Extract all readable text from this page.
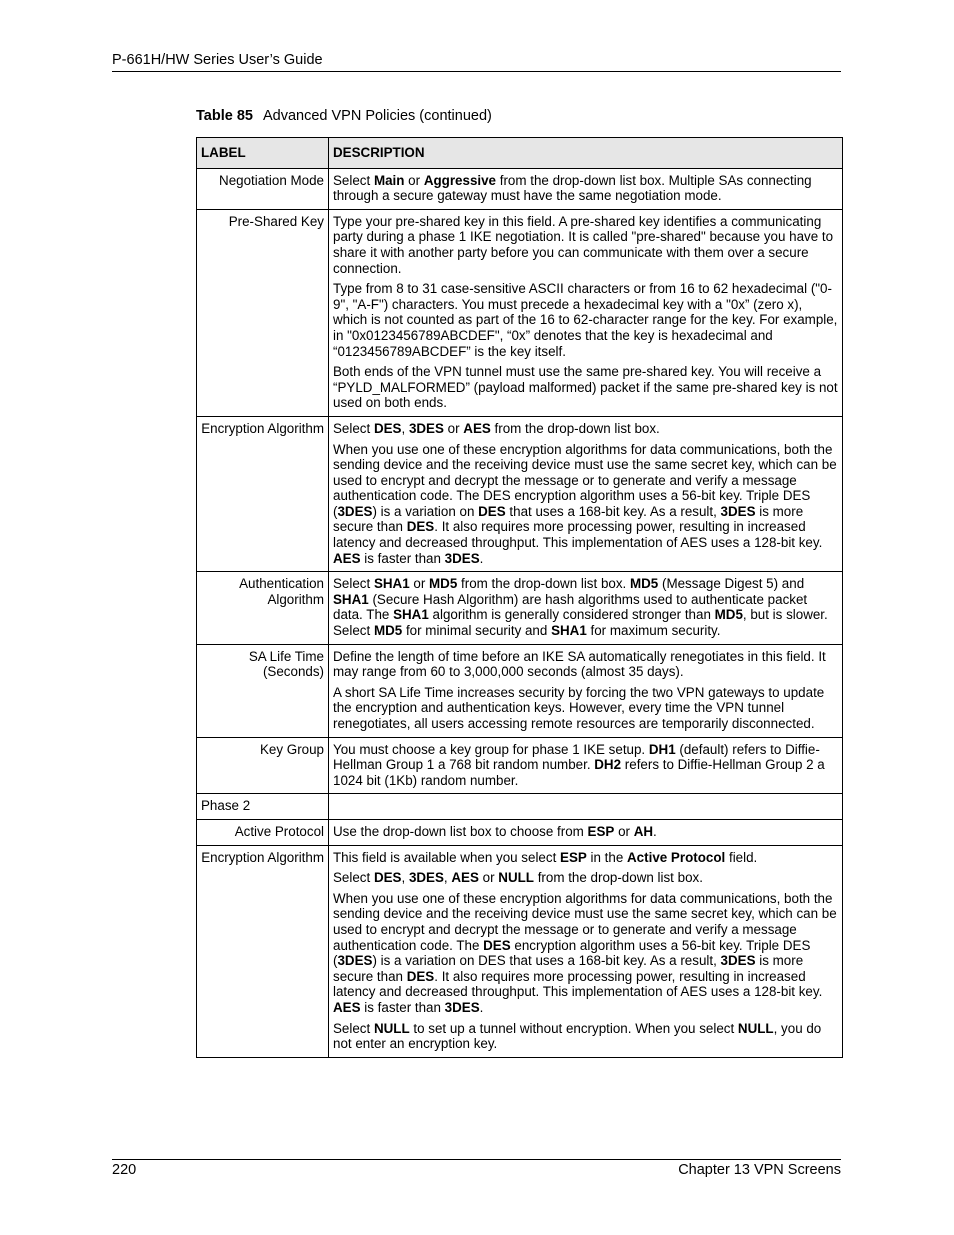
P-661H/HW Series User’s Guide
Table 85 Advanced VPN Policies (continued)
LABEL	DESCRIPTION
Negotiation Mode	Select Main or Aggressive from the drop-down list box. Multiple SAs connecting through a secure gateway must have the same negotiation mode.

Pre-Shared Key	Type your pre-shared key in this field. A pre-shared key identifies a communicating party during a phase 1 IKE negotiation. It is called "pre-shared" because you have to share it with another party before you can communicate with them over a secure connection.

Type from 8 to 31 case-sensitive ASCII characters or from 16 to 62 hexadecimal ("0-9", "A-F") characters. You must precede a hexadecimal key with a "0x” (zero x), which is not counted as part of the 16 to 62-character range for the key. For example, in "0x0123456789ABCDEF", “0x” denotes that the key is hexadecimal and “0123456789ABCDEF” is the key itself.

Both ends of the VPN tunnel must use the same pre-shared key. You will receive a “PYLD_MALFORMED” (payload malformed) packet if the same pre-shared key is not used on both ends.

Encryption Algorithm	Select DES, 3DES or AES from the drop-down list box.

When you use one of these encryption algorithms for data communications, both the sending device and the receiving device must use the same secret key, which can be used to encrypt and decrypt the message or to generate and verify a message authentication code. The DES encryption algorithm uses a 56-bit key. Triple DES (3DES) is a variation on DES that uses a 168-bit key. As a result, 3DES is more secure than DES. It also requires more processing power, resulting in increased latency and decreased throughput. This implementation of AES uses a 128-bit key. AES is faster than 3DES.

Authentication Algorithm	Select SHA1 or MD5 from the drop-down list box. MD5 (Message Digest 5) and SHA1 (Secure Hash Algorithm) are hash algorithms used to authenticate packet data. The SHA1 algorithm is generally considered stronger than MD5, but is slower. Select MD5 for minimal security and SHA1 for maximum security.

SA Life Time (Seconds)	Define the length of time before an IKE SA automatically renegotiates in this field. It may range from 60 to 3,000,000 seconds (almost 35 days).

A short SA Life Time increases security by forcing the two VPN gateways to update the encryption and authentication keys. However, every time the VPN tunnel renegotiates, all users accessing remote resources are temporarily disconnected.

Key Group	You must choose a key group for phase 1 IKE setup. DH1 (default) refers to Diffie-Hellman Group 1 a 768 bit random number. DH2 refers to Diffie-Hellman Group 2 a 1024 bit (1Kb) random number.

Phase 2	
Active Protocol	Use the drop-down list box to choose from ESP or AH.

Encryption Algorithm	This field is available when you select ESP in the Active Protocol field.

Select DES, 3DES, AES or NULL from the drop-down list box.

When you use one of these encryption algorithms for data communications, both the sending device and the receiving device must use the same secret key, which can be used to encrypt and decrypt the message or to generate and verify a message authentication code. The DES encryption algorithm uses a 56-bit key. Triple DES (3DES) is a variation on DES that uses a 168-bit key. As a result, 3DES is more secure than DES. It also requires more processing power, resulting in increased latency and decreased throughput. This implementation of AES uses a 128-bit key. AES is faster than 3DES.

Select NULL to set up a tunnel without encryption. When you select NULL, you do not enter an encryption key.

220	Chapter 13 VPN Screens
